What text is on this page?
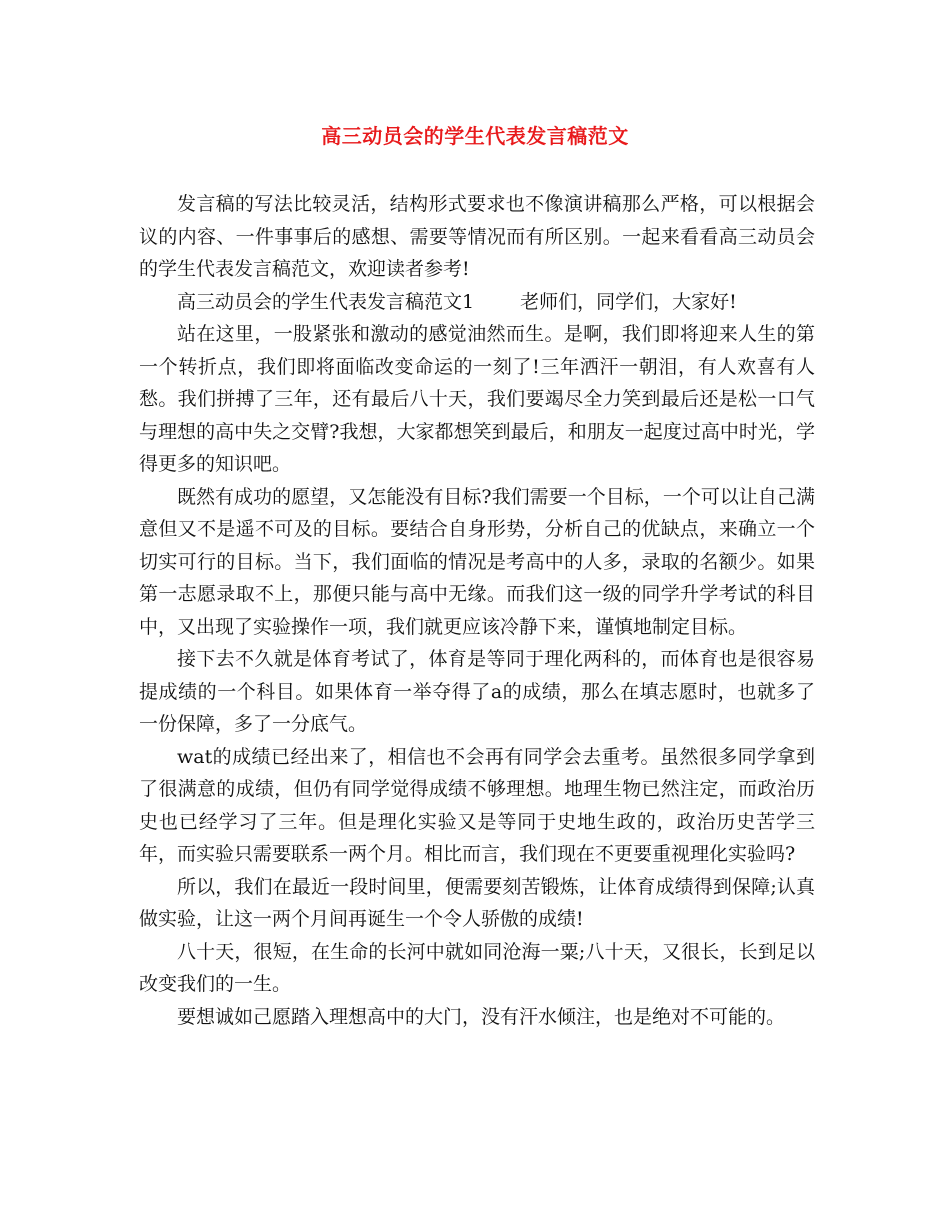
高三动员会的学生代表发言稿范文

发言稿的写法比较灵活，结构形式要求也不像演讲稿那么严格，可以根据会议的内容、一件事事后的感想、需要等情况而有所区别。一起来看看高三动员会的学生代表发言稿范文，欢迎读者参考!

高三动员会的学生代表发言稿范文1 老师们，同学们，大家好!

站在这里，一股紧张和激动的感觉油然而生。是啊，我们即将迎来人生的第一个转折点，我们即将面临改变命运的一刻了!三年洒汗一朝泪，有人欢喜有人愁。我们拼搏了三年，还有最后八十天，我们要竭尽全力笑到最后还是松一口气与理想的高中失之交臂?我想，大家都想笑到最后，和朋友一起度过高中时光，学得更多的知识吧。

既然有成功的愿望，又怎能没有目标?我们需要一个目标，一个可以让自己满意但又不是遥不可及的目标。要结合自身形势，分析自己的优缺点，来确立一个切实可行的目标。当下，我们面临的情况是考高中的人多，录取的名额少。如果第一志愿录取不上，那便只能与高中无缘。而我们这一级的同学升学考试的科目中，又出现了实验操作一项，我们就更应该冷静下来，谨慎地制定目标。

接下去不久就是体育考试了，体育是等同于理化两科的，而体育也是很容易提成绩的一个科目。如果体育一举夺得了a的成绩，那么在填志愿时，也就多了一份保障，多了一分底气。

wat的成绩已经出来了，相信也不会再有同学会去重考。虽然很多同学拿到了很满意的成绩，但仍有同学觉得成绩不够理想。地理生物已然注定，而政治历史也已经学习了三年。但是理化实验又是等同于史地生政的，政治历史苦学三年，而实验只需要联系一两个月。相比而言，我们现在不更要重视理化实验吗?

所以，我们在最近一段时间里，便需要刻苦锻炼，让体育成绩得到保障;认真做实验，让这一两个月间再诞生一个令人骄傲的成绩!

八十天，很短，在生命的长河中就如同沧海一粟;八十天，又很长，长到足以改变我们的一生。

要想诚如己愿踏入理想高中的大门，没有汗水倾注，也是绝对不可能的。
